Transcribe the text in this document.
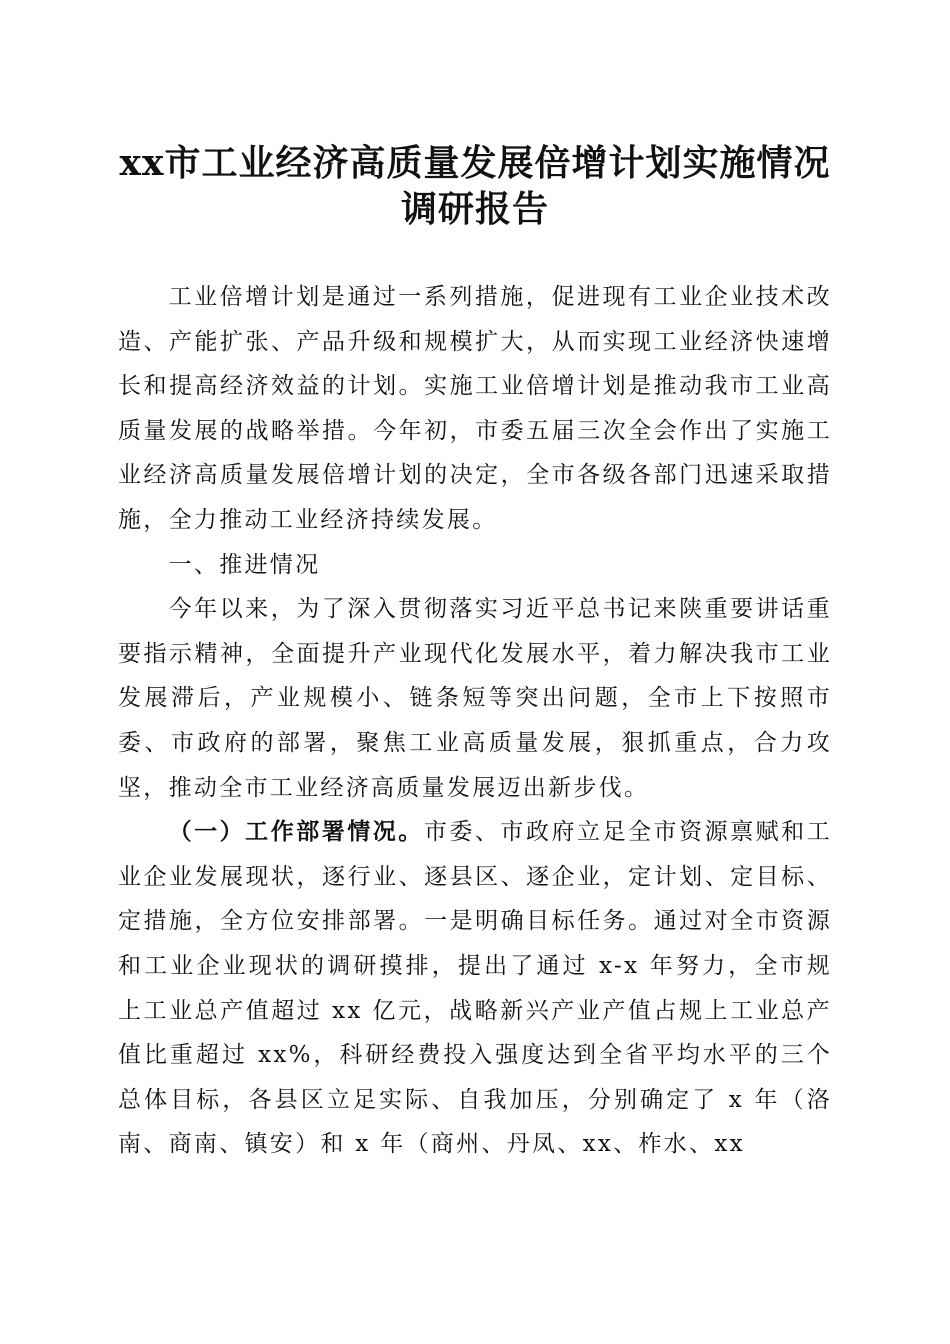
xx市工业经济高质量发展倍增计划实施情况
调研报告

工业倍增计划是通过一系列措施，促进现有工业企业技术改造、产能扩张、产品升级和规模扩大，从而实现工业经济快速增长和提高经济效益的计划。实施工业倍增计划是推动我市工业高质量发展的战略举措。今年初，市委五届三次全会作出了实施工业经济高质量发展倍增计划的决定，全市各级各部门迅速采取措施，全力推动工业经济持续发展。

一、推进情况

今年以来，为了深入贯彻落实习近平总书记来陕重要讲话重要指示精神，全面提升产业现代化发展水平，着力解决我市工业发展滞后，产业规模小、链条短等突出问题，全市上下按照市委、市政府的部署，聚焦工业高质量发展，狠抓重点，合力攻坚，推动全市工业经济高质量发展迈出新步伐。

（一）工作部署情况。市委、市政府立足全市资源禀赋和工业企业发展现状，逐行业、逐县区、逐企业，定计划、定目标、定措施，全方位安排部署。一是明确目标任务。通过对全市资源和工业企业现状的调研摸排，提出了通过 x-x 年努力，全市规上工业总产值超过 xx 亿元，战略新兴产业产值占规上工业总产值比重超过 xx%，科研经费投入强度达到全省平均水平的三个总体目标，各县区立足实际、自我加压，分别确定了 x 年（洛南、商南、镇安）和 x 年（商州、丹凤、xx、柞水、xx
